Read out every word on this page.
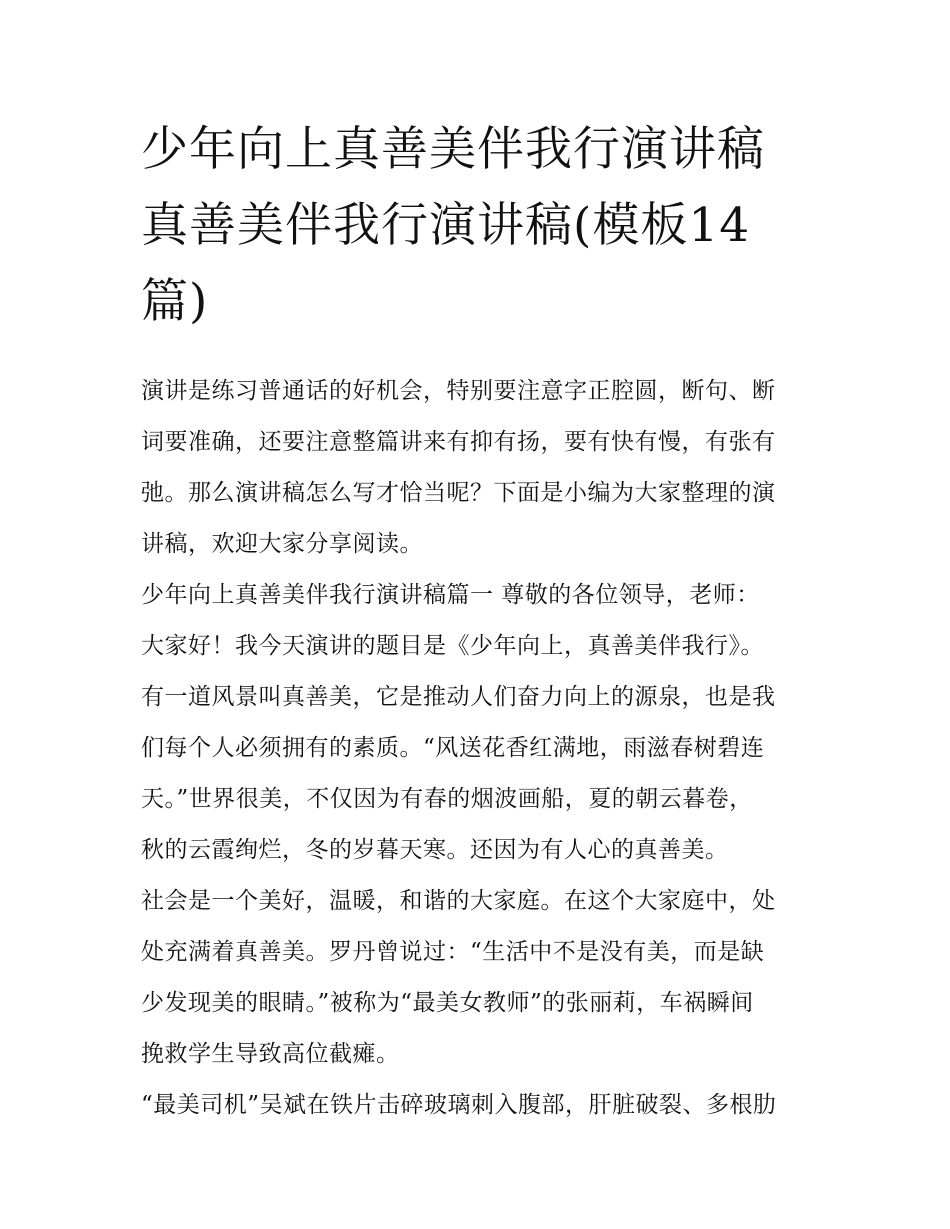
少年向上真善美伴我行演讲稿
真善美伴我行演讲稿(模板14
篇)

演讲是练习普通话的好机会，特别要注意字正腔圆，断句、断
词要准确，还要注意整篇讲来有抑有扬，要有快有慢，有张有
弛。那么演讲稿怎么写才恰当呢？下面是小编为大家整理的演
讲稿，欢迎大家分享阅读。

少年向上真善美伴我行演讲稿篇一 尊敬的各位领导，老师：

大家好！我今天演讲的题目是《少年向上，真善美伴我行》。
有一道风景叫真善美，它是推动人们奋力向上的源泉，也是我
们每个人必须拥有的素质。“风送花香红满地，雨滋春树碧连
天。”世界很美，不仅因为有春的烟波画船，夏的朝云暮卷，
秋的云霞绚烂，冬的岁暮天寒。还因为有人心的真善美。

社会是一个美好，温暖，和谐的大家庭。在这个大家庭中，处
处充满着真善美。罗丹曾说过：“生活中不是没有美，而是缺
少发现美的眼睛。”被称为“最美女教师”的张丽莉，车祸瞬间
挽救学生导致高位截瘫。

“最美司机”吴斌在铁片击碎玻璃刺入腹部，肝脏破裂、多根肋
